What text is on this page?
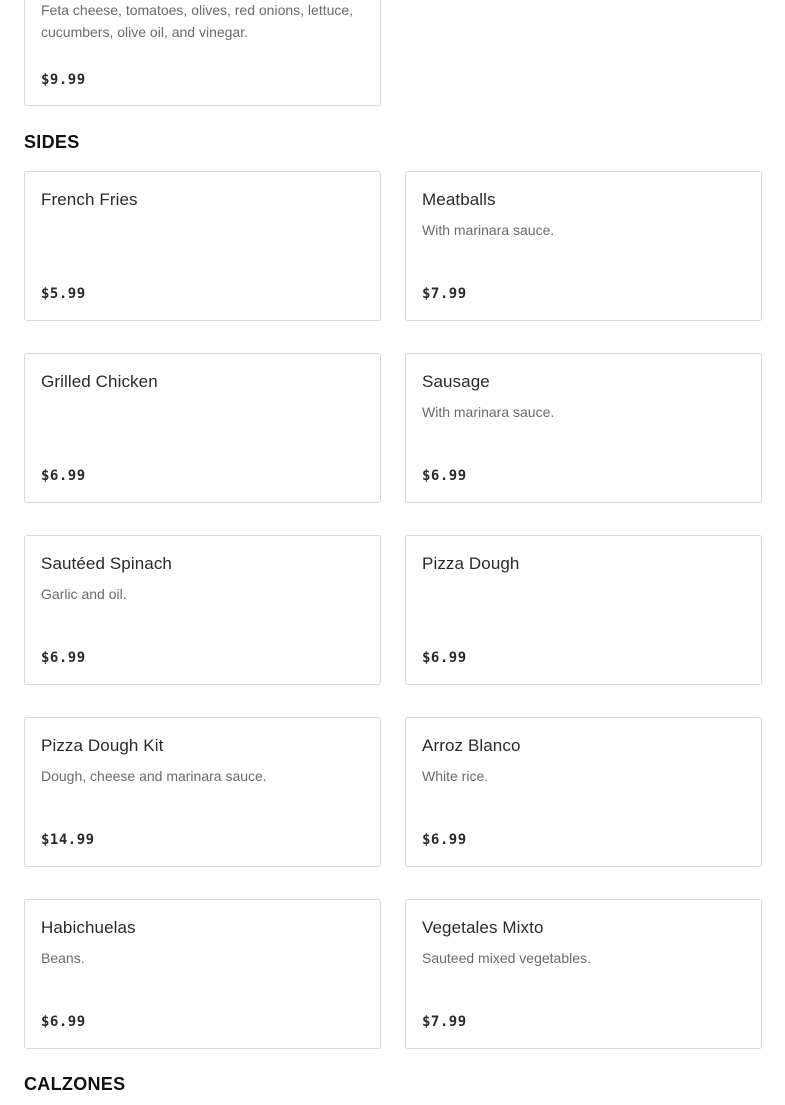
Feta cheese, tomatoes, olives, red onions, lettuce, cucumbers, olive oil, and vinegar.
$9.99
SIDES
French Fries
$5.99
Meatballs
With marinara sauce.
$7.99
Grilled Chicken
$6.99
Sausage
With marinara sauce.
$6.99
Sautéed Spinach
Garlic and oil.
$6.99
Pizza Dough
$6.99
Pizza Dough Kit
Dough, cheese and marinara sauce.
$14.99
Arroz Blanco
White rice.
$6.99
Habichuelas
Beans.
$6.99
Vegetales Mixto
Sauteed mixed vegetables.
$7.99
CALZONES
